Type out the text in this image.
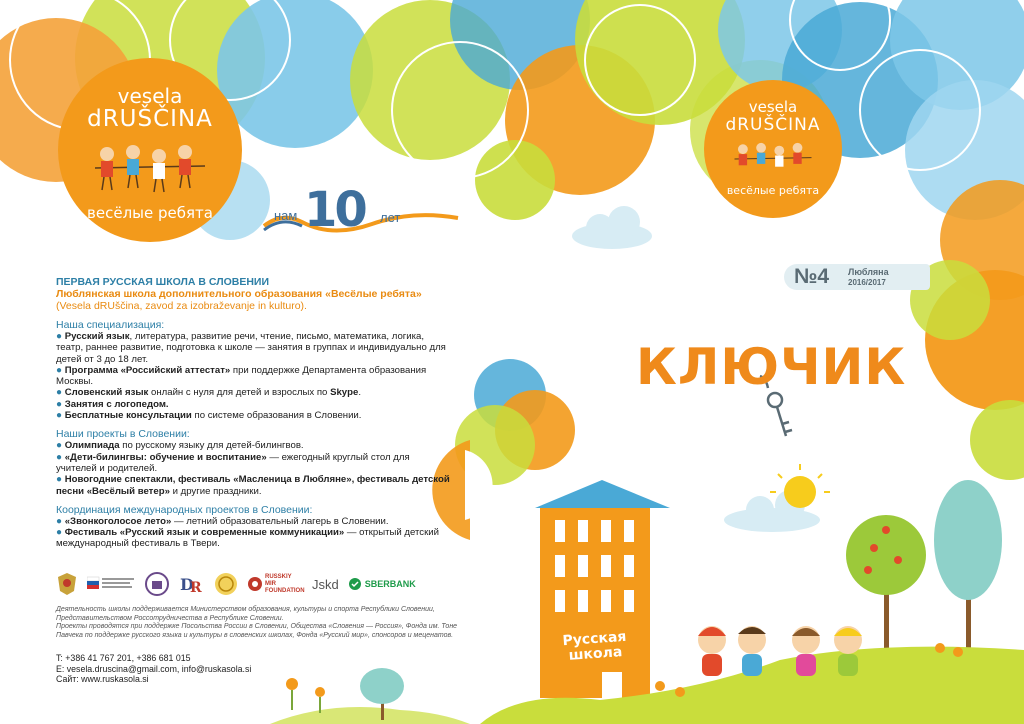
vesela
dRUŠČINA
весёлые ребята
vesela
dRUŠČINA
весёлые ребята
нам 10 лет
ПЕРВАЯ РУССКАЯ ШКОЛА В СЛОВЕНИИ
Люблянская школа дополнительного образования «Весёлые ребята»
(Vesela dRUščina, zavod za izobraževanje in kulturo).
Наша специализация:
● Русский язык, литература, развитие речи, чтение, письмо, математика, логика, театр, раннее развитие, подготовка к школе — занятия в группах и индивидуально для детей от 3 до 18 лет.
● Программа «Российский аттестат» при поддержке Департамента образования Москвы.
● Словенский язык онлайн с нуля для детей и взрослых по Skype.
● Занятия с логопедом.
● Бесплатные консультации по системе образования в Словении.
Наши проекты в Словении:
● Олимпиада по русскому языку для детей-билингвов.
● «Дети-билингвы: обучение и воспитание» — ежегодный круглый стол для учителей и родителей.
● Новогодние спектакли, фестиваль «Масленица в Любляне», фестиваль детской песни «Весёлый ветер» и другие праздники.
Координация международных проектов в Словении:
● «Звонкоголосое лето» — летний образовательный лагерь в Словении.
● Фестиваль «Русский язык и современные коммуникации» — открытый детский международный фестиваль в Твери.
D
R
RUSSKIY MIR FOUNDATION Jskd	SBERBANK
Деятельность школы поддерживается Министерством образования, культуры и спорта Республики Словении, Представительством Россотрудничества в Республике Словении.
Проекты проводятся при поддержке Посольства России в Словении, Общества «Словения — Россия», Фонда им. Тоне Павчека по поддержке русского языка и культуры в словенских школах, Фонда «Русский мир», спонсоров и меценатов.
T: +386 41 767 201, +386 681 015
E: vesela.druscina@gmail.com, info@ruskasola.si
Сайт: www.ruskasola.si
№4 Любляна
2016/2017
КЛЮЧИК
Русская
школа
